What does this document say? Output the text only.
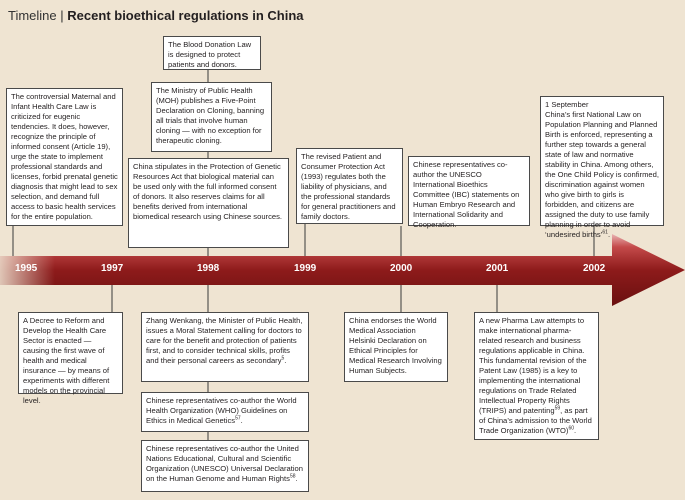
Timeline | Recent bioethical regulations in China
1995	1997	1998	1999	2000	2001	2002
The controversial Maternal and Infant Health Care Law is criticized for eugenic tendencies. It does, however, recognize the principle of informed consent (Article 19), urge the state to implement professional standards and licenses, forbid prenatal genetic diagnosis that might lead to sex selection, and demand full access to basic health services for the entire population.
The Blood Donation Law is designed to protect patients and donors.
The Ministry of Public Health (MOH) publishes a Five-Point Declaration on Cloning, banning all trials that involve human cloning — with no exception for therapeutic cloning.
China stipulates in the Protection of Genetic Resources Act that biological material can be used only with the full informed consent of donors. It also reserves claims for all benefits derived from international biomedical research using Chinese sources.
The revised Patient and Consumer Protection Act (1993) regulates both the liability of physicians, and the professional standards for general practitioners and family doctors.
Chinese representatives co-author the UNESCO International Bioethics Committee (IBC) statements on Human Embryo Research and International Solidarity and Cooperation.
1 September
China’s first National Law on Population Planning and Planned Birth is enforced, representing a further step towards a general state of law and normative stability in China. Among others, the One Child Policy is confirmed, discrimination against women who give birth to girls is forbidden, and citizens are assigned the duty to use family planning in order to avoid ‘undesired births’$^{61}$.
A Decree to Reform and Develop the Health Care Sector is enacted — causing the first wave of health and medical insurance — by means of experiments with different models on the provincial level.
Zhang Wenkang, the Minister of Public Health, issues a Moral Statement calling for doctors to care for the benefit and protection of patients first, and to consider technical skills, profits and their personal careers as secondary$^5$.
Chinese representatives co-author the World Health Organization (WHO) Guidelines on Ethics in Medical Genetics$^{57}$.
Chinese representatives co-author the United Nations Educational, Cultural and Scientific Organization (UNESCO) Universal Declaration on the Human Genome and Human Rights$^{58}$.
China endorses the World Medical Association Helsinki Declaration on Ethical Principles for Medical Research Involving Human Subjects.
A new Pharma Law attempts to make international pharma-related research and business regulations applicable in China. This fundamental revision of the Patent Law (1985) is a key to implementing the international regulations on Trade Related Intellectual Property Rights (TRIPS) and patenting$^{59}$, as part of China’s admission to the World Trade Organization (WTO)$^{60}$.
